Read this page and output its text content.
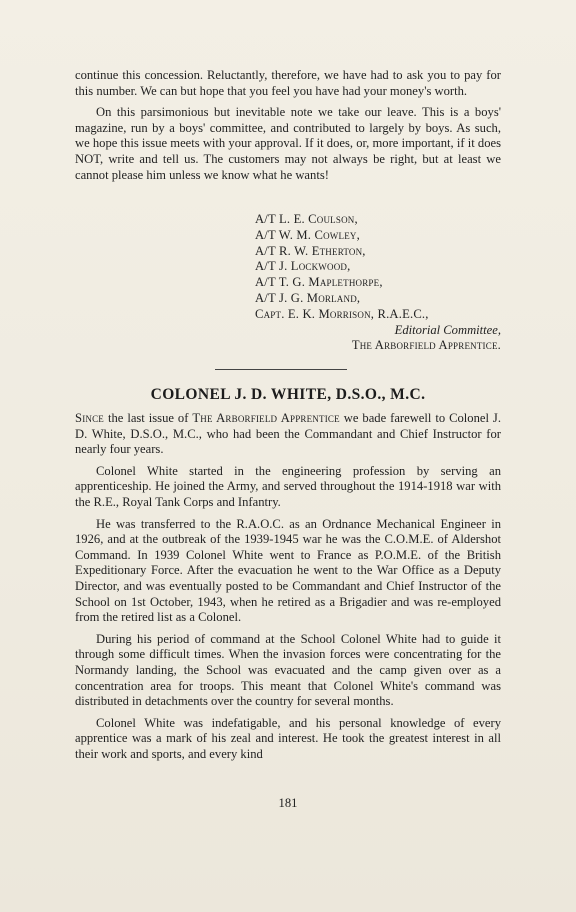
continue this concession. Reluctantly, therefore, we have had to ask you to pay for this number. We can but hope that you feel you have had your money's worth.

On this parsimonious but inevitable note we take our leave. This is a boys' magazine, run by a boys' committee, and contributed to largely by boys. As such, we hope this issue meets with your approval. If it does, or, more important, if it does NOT, write and tell us. The customers may not always be right, but at least we cannot please him unless we know what he wants!

A/T L. E. Coulson,
A/T W. M. Cowley,
A/T R. W. Etherton,
A/T J. Lockwood,
A/T T. G. Maplethorpe,
A/T J. G. Morland,
Capt. E. K. Morrison, R.A.E.C.,
Editorial Committee,
The Arborfield Apprentice.
COLONEL J. D. WHITE, D.S.O., M.C.

Since the last issue of The Arborfield Apprentice we bade farewell to Colonel J. D. White, D.S.O., M.C., who had been the Commandant and Chief Instructor for nearly four years.

Colonel White started in the engineering profession by serving an apprenticeship. He joined the Army, and served throughout the 1914-1918 war with the R.E., Royal Tank Corps and Infantry.

He was transferred to the R.A.O.C. as an Ordnance Mechanical Engineer in 1926, and at the outbreak of the 1939-1945 war he was the C.O.M.E. of Aldershot Command. In 1939 Colonel White went to France as P.O.M.E. of the British Expeditionary Force. After the evacuation he went to the War Office as a Deputy Director, and was eventually posted to be Commandant and Chief Instructor of the School on 1st October, 1943, when he retired as a Brigadier and was re-employed from the retired list as a Colonel.

During his period of command at the School Colonel White had to guide it through some difficult times. When the invasion forces were concentrating for the Normandy landing, the School was evacuated and the camp given over as a concentration area for troops. This meant that Colonel White's command was distributed in detachments over the country for several months.

Colonel White was indefatigable, and his personal knowledge of every apprentice was a mark of his zeal and interest. He took the greatest interest in all their work and sports, and every kind

181
